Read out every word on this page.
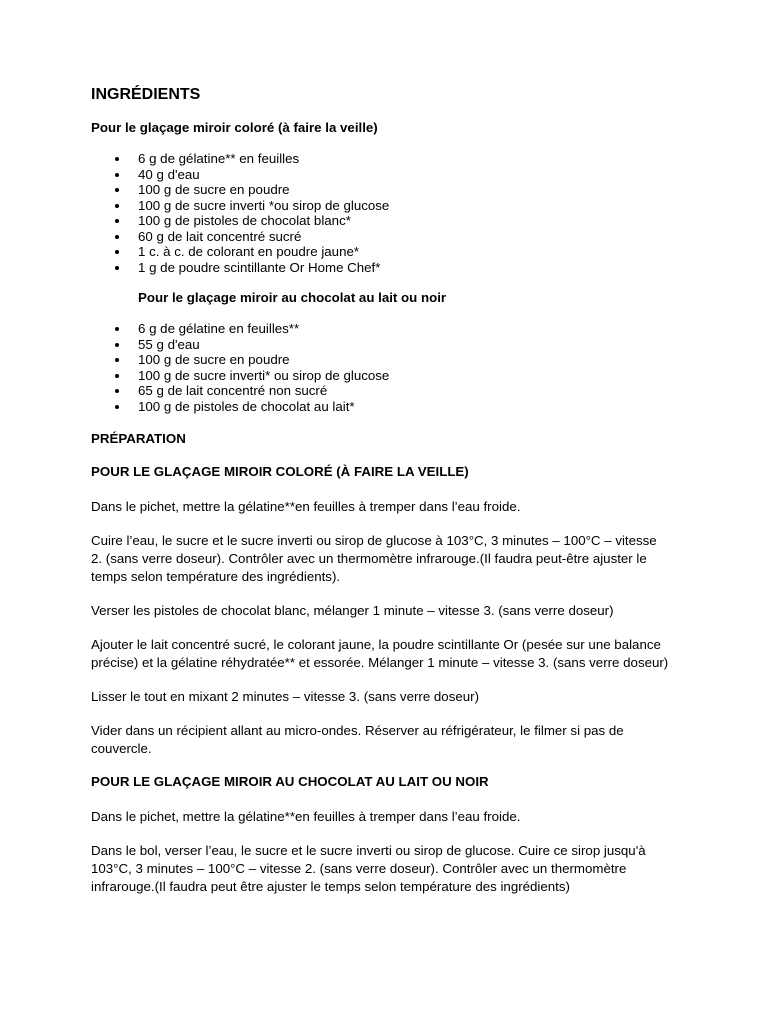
INGRÉDIENTS
Pour le glaçage miroir coloré (à faire la veille)
6 g de gélatine** en feuilles
40 g d'eau
100 g de sucre en poudre
100 g de sucre inverti *ou sirop de glucose
100 g de pistoles de chocolat blanc*
60 g de lait concentré sucré
1 c. à c. de colorant en poudre jaune*
1 g de poudre scintillante Or Home Chef*
Pour le glaçage miroir au chocolat au lait ou noir
6 g de gélatine en feuilles**
55 g d'eau
100 g de sucre en poudre
100 g de sucre inverti* ou sirop de glucose
65 g de lait concentré non sucré
100 g de pistoles de chocolat au lait*
PRÉPARATION
POUR LE GLAÇAGE MIROIR COLORÉ (À FAIRE LA VEILLE)
Dans le pichet, mettre la gélatine**en feuilles à tremper dans l’eau froide.
Cuire l’eau, le sucre et le sucre inverti ou sirop de glucose à 103°C, 3 minutes – 100°C – vitesse 2. (sans verre doseur). Contrôler avec un thermomètre infrarouge.(Il faudra peut-être ajuster le temps selon température des ingrédients).
Verser les pistoles de chocolat blanc, mélanger 1 minute – vitesse 3. (sans verre doseur)
Ajouter le lait concentré sucré, le colorant jaune, la poudre scintillante Or (pesée sur une balance précise) et la gélatine réhydratée** et essorée. Mélanger 1 minute – vitesse 3. (sans verre doseur)
Lisser le tout en mixant 2 minutes – vitesse 3. (sans verre doseur)
Vider dans un récipient allant au micro-ondes. Réserver au réfrigérateur, le filmer si pas de couvercle.
POUR LE GLAÇAGE MIROIR AU CHOCOLAT AU LAIT OU NOIR
Dans le pichet, mettre la gélatine**en feuilles à tremper dans l’eau froide.
Dans le bol, verser l’eau, le sucre et le sucre inverti ou sirop de glucose. Cuire ce sirop jusqu'à 103°C, 3 minutes – 100°C – vitesse 2. (sans verre doseur). Contrôler avec un thermomètre infrarouge.(Il faudra peut être ajuster le temps selon température des ingrédients)
